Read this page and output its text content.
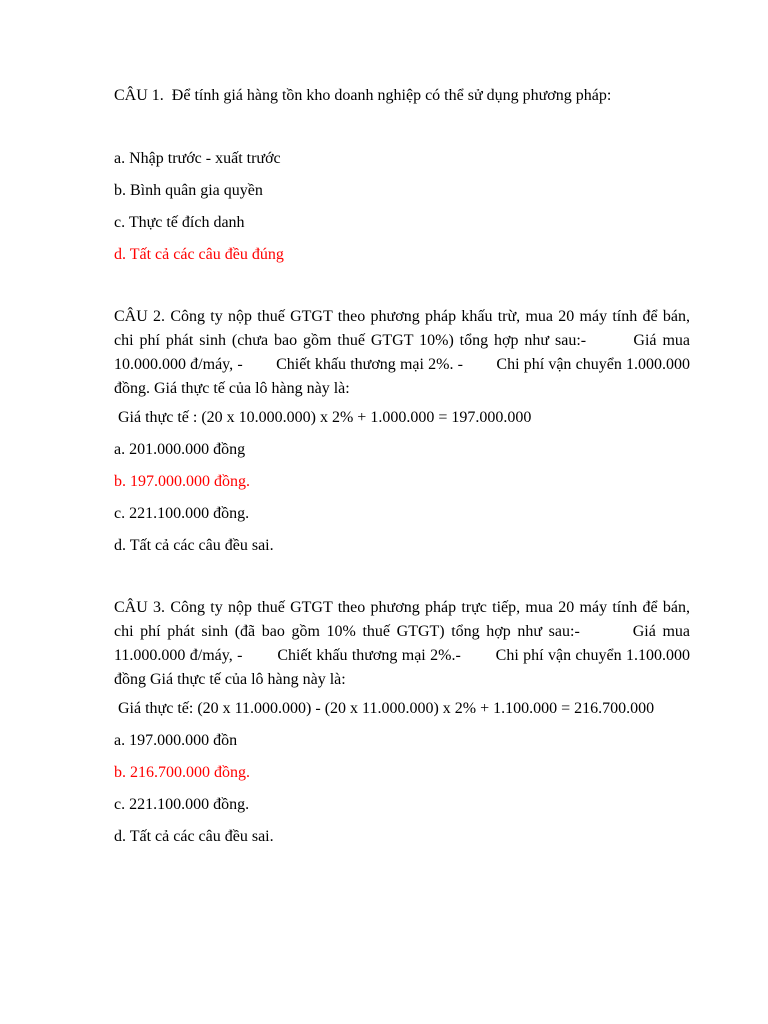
CÂU 1.  Để tính giá hàng tồn kho doanh nghiệp có thể sử dụng phương pháp:

a. Nhập trước - xuất trước

b. Bình quân gia quyền

c. Thực tế đích danh

d. Tất cả các câu đều đúng

CÂU 2. Công ty nộp thuế GTGT theo phương pháp khấu trừ, mua 20 máy tính để bán, chi phí phát sinh (chưa bao gồm thuế GTGT 10%) tổng hợp như sau:-        Giá mua 10.000.000 đ/máy, -        Chiết khấu thương mại 2%. -        Chi phí vận chuyển 1.000.000 đồng. Giá thực tế của lô hàng này là:

Giá thực tế : (20 x 10.000.000) x 2% + 1.000.000 = 197.000.000

a. 201.000.000 đồng

b. 197.000.000 đồng.

c. 221.100.000 đồng.

d. Tất cả các câu đều sai.

CÂU 3. Công ty nộp thuế GTGT theo phương pháp trực tiếp, mua 20 máy tính để bán, chi phí phát sinh (đã bao gồm 10% thuế GTGT) tổng hợp như sau:-        Giá mua 11.000.000 đ/máy, -        Chiết khấu thương mại 2%.-        Chi phí vận chuyển 1.100.000 đồng Giá thực tế của lô hàng này là:

Giá thực tế: (20 x 11.000.000) - (20 x 11.000.000) x 2% + 1.100.000 = 216.700.000

a. 197.000.000 đồn

b. 216.700.000 đồng.

c. 221.100.000 đồng.

d. Tất cả các câu đều sai.
